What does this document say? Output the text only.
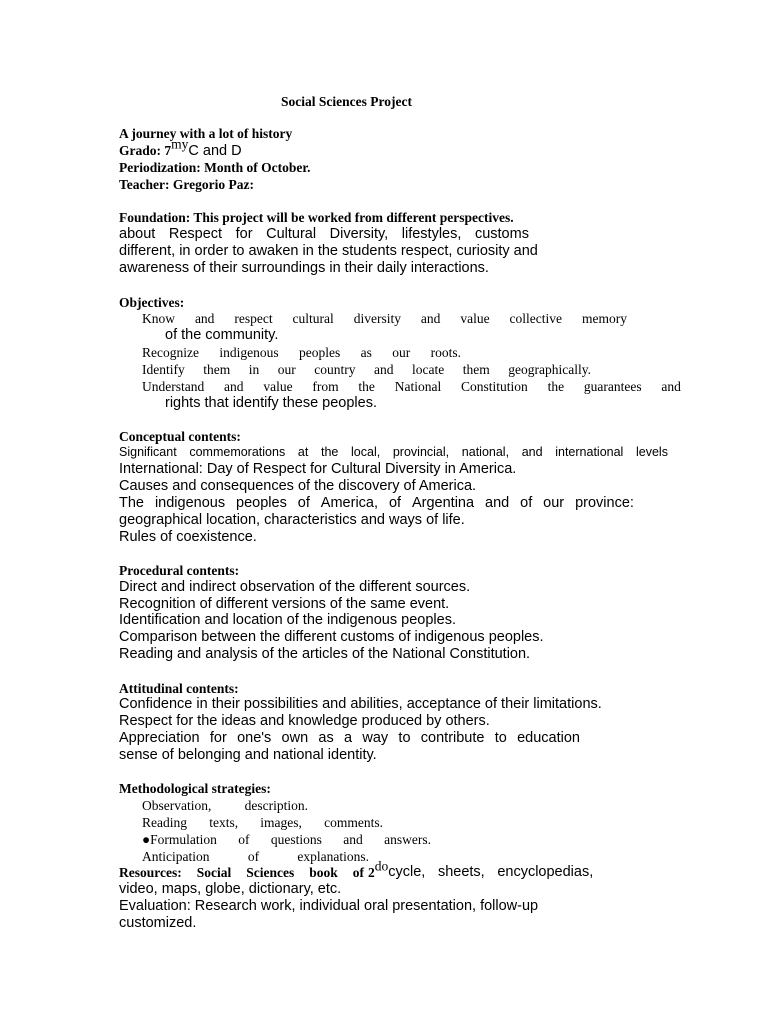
Social Sciences Project
A journey with a lot of history
Grado: $7^{my}C$ and D
Periodization: Month of October.
Teacher: Gregorio Paz:
Foundation: This project will be worked from different perspectives.
about Respect for Cultural Diversity, lifestyles, customs
different, in order to awaken in the students respect, curiosity and
awareness of their surroundings in their daily interactions.
Objectives:
Know and respect cultural diversity and value collective memory
of the community.
Recognize indigenous peoples as our roots.
Identify them in our country and locate them geographically.
Understand and value from the National Constitution the guarantees and
rights that identify these peoples.
Conceptual contents:
Significant commemorations at the local, provincial, national, and international levels
International: Day of Respect for Cultural Diversity in America.
Causes and consequences of the discovery of America.
The indigenous peoples of America, of Argentina and of our province:
geographical location, characteristics and ways of life.
Rules of coexistence.
Procedural contents:
Direct and indirect observation of the different sources.
Recognition of different versions of the same event.
Identification and location of the indigenous peoples.
Comparison between the different customs of indigenous peoples.
Reading and analysis of the articles of the National Constitution.
Attitudinal contents:
Confidence in their possibilities and abilities, acceptance of their limitations.
Respect for the ideas and knowledge produced by others.
Appreciation for one's own as a way to contribute to education
sense of belonging and national identity.
Methodological strategies:
Observation, description.
Reading texts, images, comments.
●Formulation of questions and answers.
Anticipation	of	explanations.
Resources: Social Sciences book of $2^{do}$ cycle, sheets, encyclopedias,
video, maps, globe, dictionary, etc.
Evaluation: Research work, individual oral presentation, follow-up
customized.
